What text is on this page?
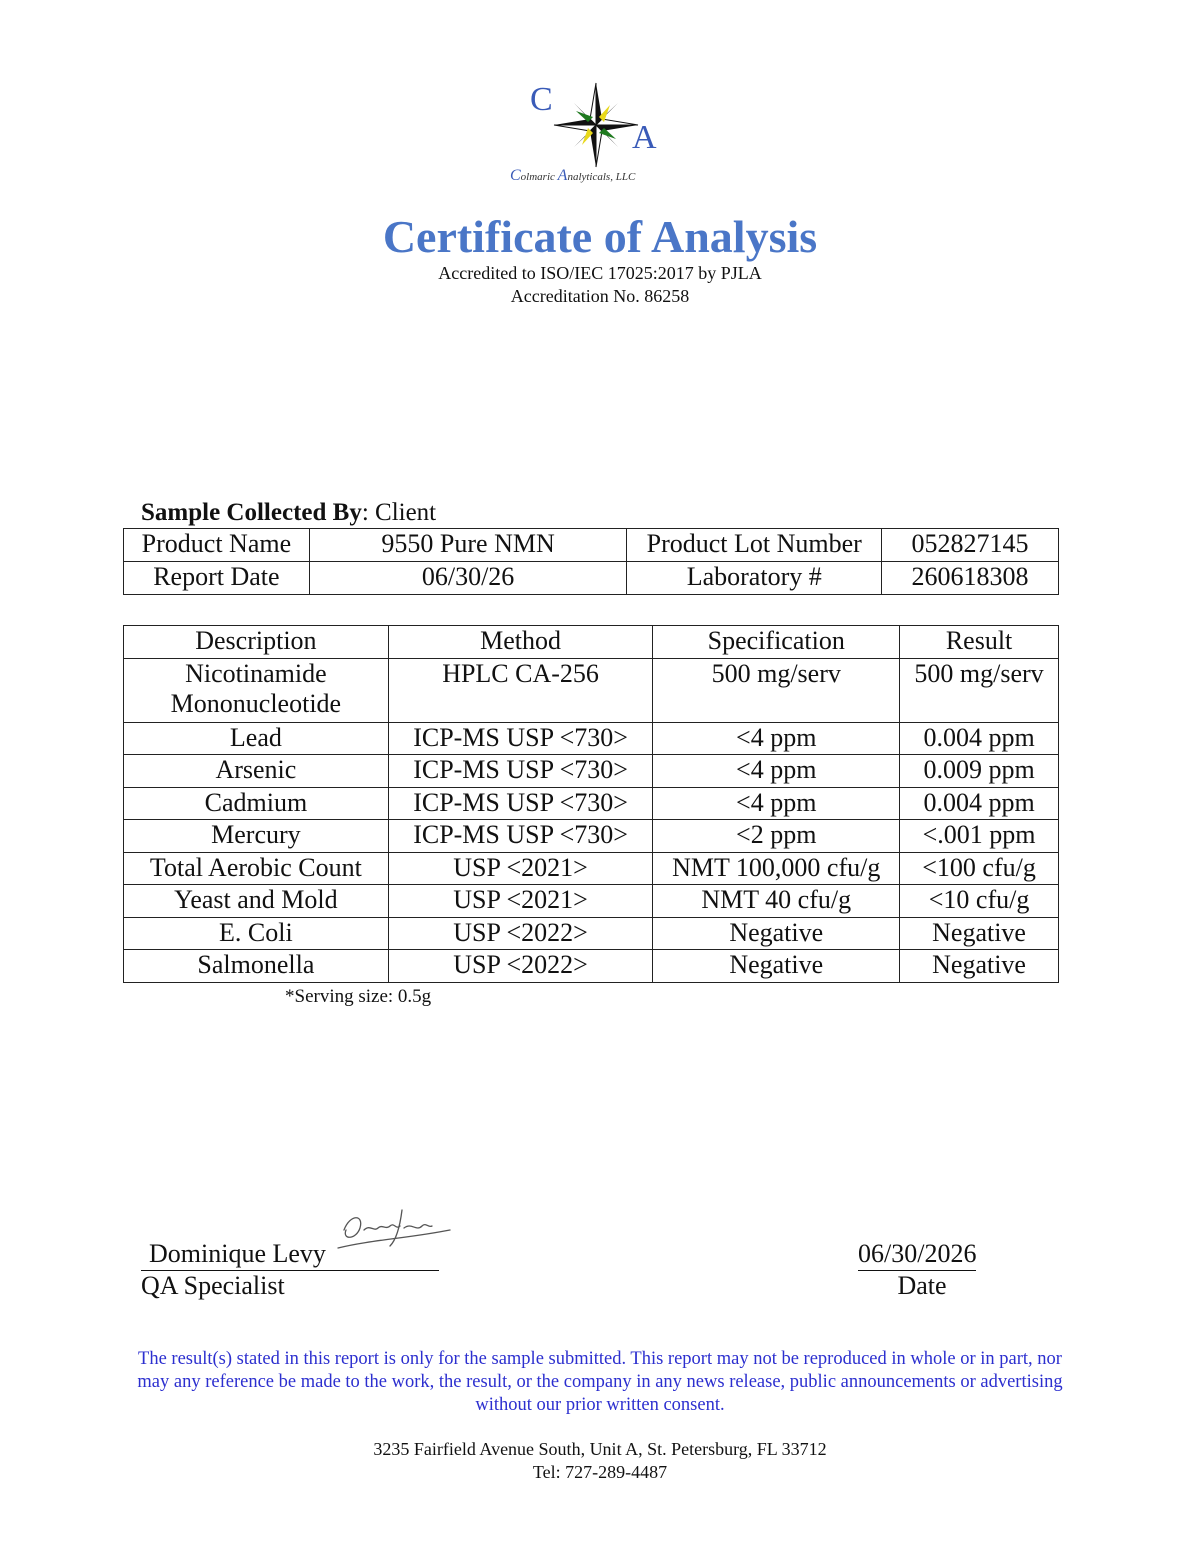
C
A
Colmaric Analyticals, LLC
Certificate of Analysis
Accredited to ISO/IEC 17025:2017 by PJLA
Accreditation No. 86258
Sample Collected By: Client
Product Name	9550 Pure NMN	Product Lot Number	052827145
Report Date	06/30/26	Laboratory #	260618308
Description	Method	Specification	Result
Nicotinamide Mononucleotide	HPLC CA-256	500 mg/serv	500 mg/serv
Lead	ICP-MS USP <730>	<4 ppm	0.004 ppm
Arsenic	ICP-MS USP <730>	<4 ppm	0.009 ppm
Cadmium	ICP-MS USP <730>	<4 ppm	0.004 ppm
Mercury	ICP-MS USP <730>	<2 ppm	<.001 ppm
Total Aerobic Count	USP <2021>	NMT 100,000 cfu/g	<100 cfu/g
Yeast and Mold	USP <2021>	NMT 40 cfu/g	<10 cfu/g
E. Coli	USP <2022>	Negative	Negative
Salmonella	USP <2022>	Negative	Negative
*Serving size: 0.5g
Dominique Levy
QA Specialist
06/30/2026
Date
The result(s) stated in this report is only for the sample submitted. This report may not be reproduced in whole or in part, nor may any reference be made to the work, the result, or the company in any news release, public announcements or advertising without our prior written consent.
3235 Fairfield Avenue South, Unit A, St. Petersburg, FL 33712
Tel: 727-289-4487
